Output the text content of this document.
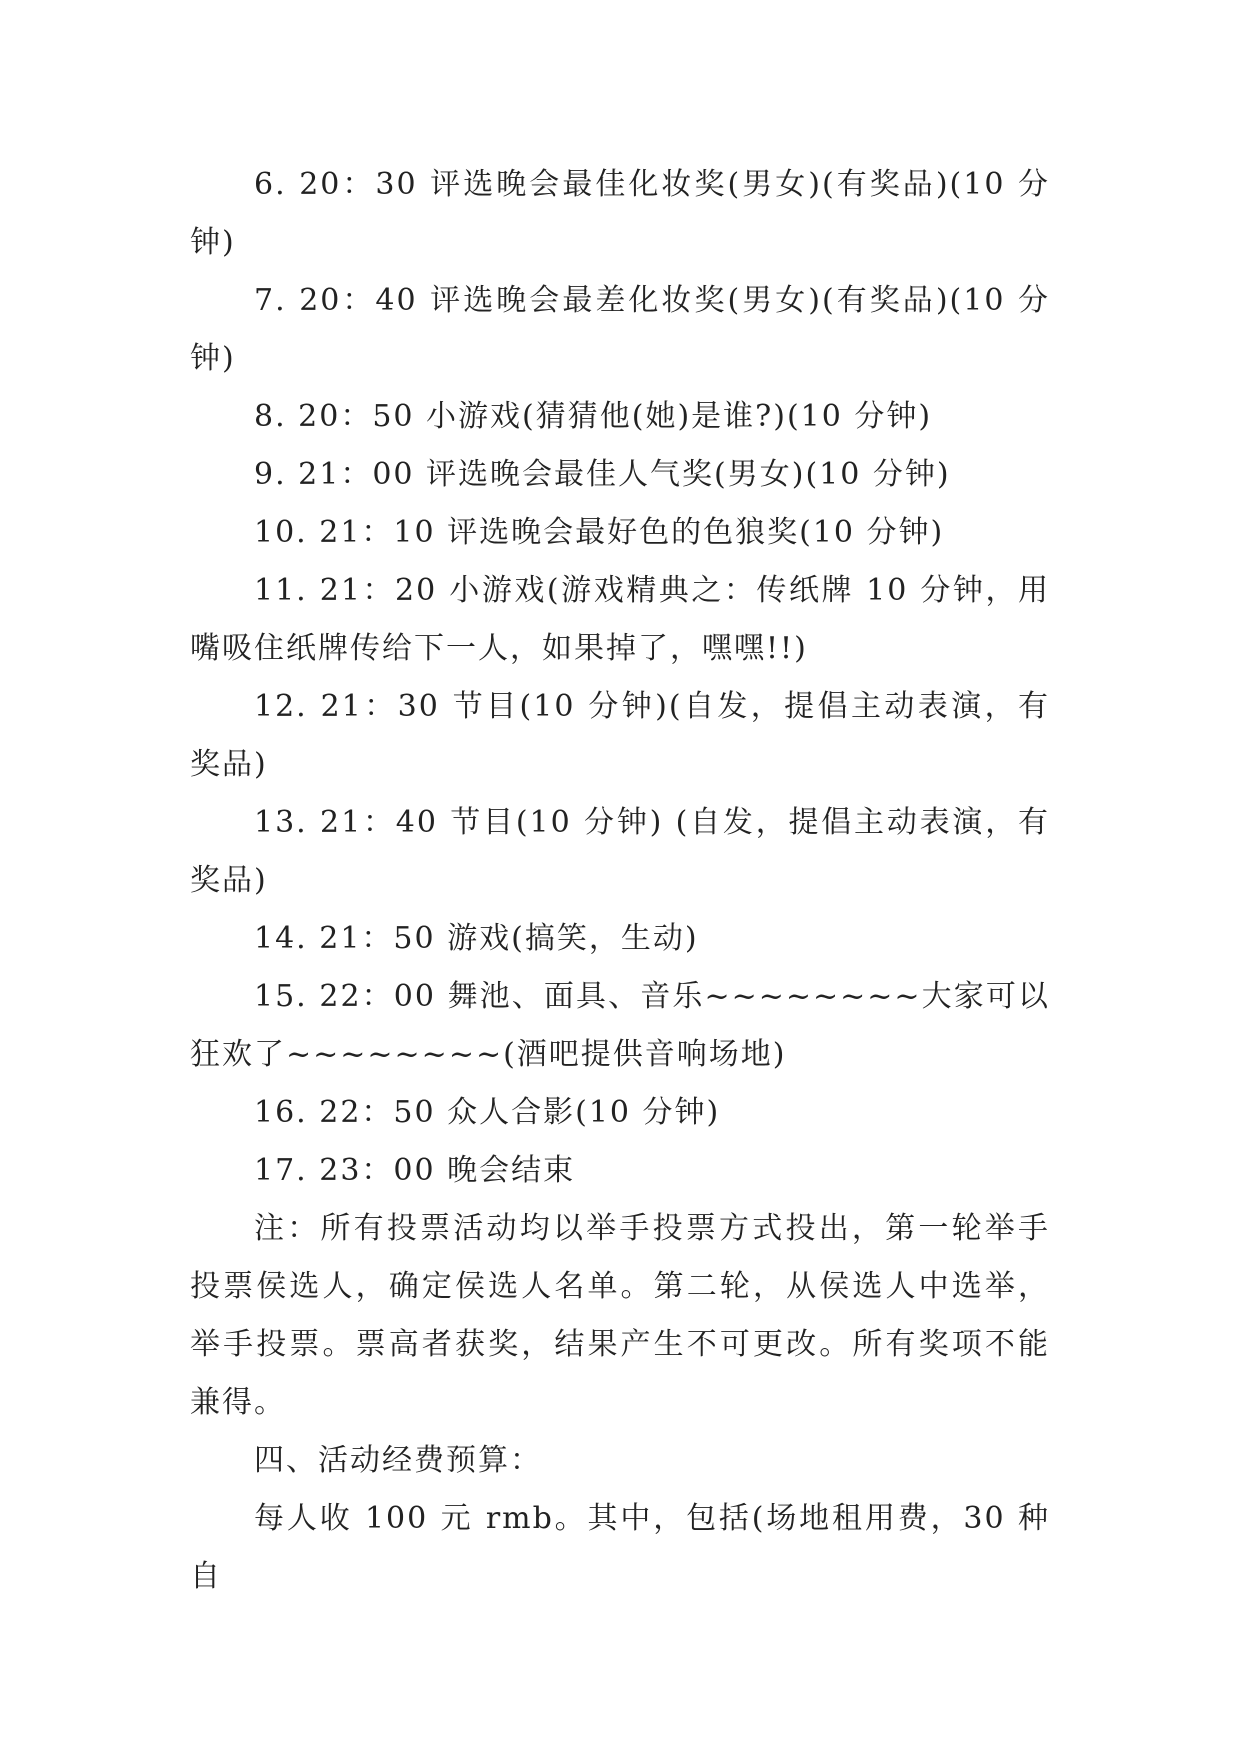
6. 20：30 评选晚会最佳化妆奖(男女)(有奖品)(10 分钟)

7. 20：40 评选晚会最差化妆奖(男女)(有奖品)(10 分钟)

8. 20：50 小游戏(猜猜他(她)是谁?)(10 分钟)

9. 21：00 评选晚会最佳人气奖(男女)(10 分钟)

10. 21：10 评选晚会最好色的色狼奖(10 分钟)

11. 21：20 小游戏(游戏精典之：传纸牌 10 分钟，用嘴吸住纸牌传给下一人，如果掉了，嘿嘿!!)

12. 21：30 节目(10 分钟)(自发，提倡主动表演，有奖品)

13. 21：40 节目(10 分钟) (自发，提倡主动表演，有奖品)

14. 21：50 游戏(搞笑，生动)

15. 22：00 舞池、面具、音乐~~~~~~~~大家可以狂欢了~~~~~~~~(酒吧提供音响场地)

16. 22：50 众人合影(10 分钟)

17. 23：00 晚会结束

注：所有投票活动均以举手投票方式投出，第一轮举手投票侯选人，确定侯选人名单。第二轮，从侯选人中选举，举手投票。票高者获奖，结果产生不可更改。所有奖项不能兼得。

四、活动经费预算：

每人收 100 元 rmb。其中，包括(场地租用费，30 种自
